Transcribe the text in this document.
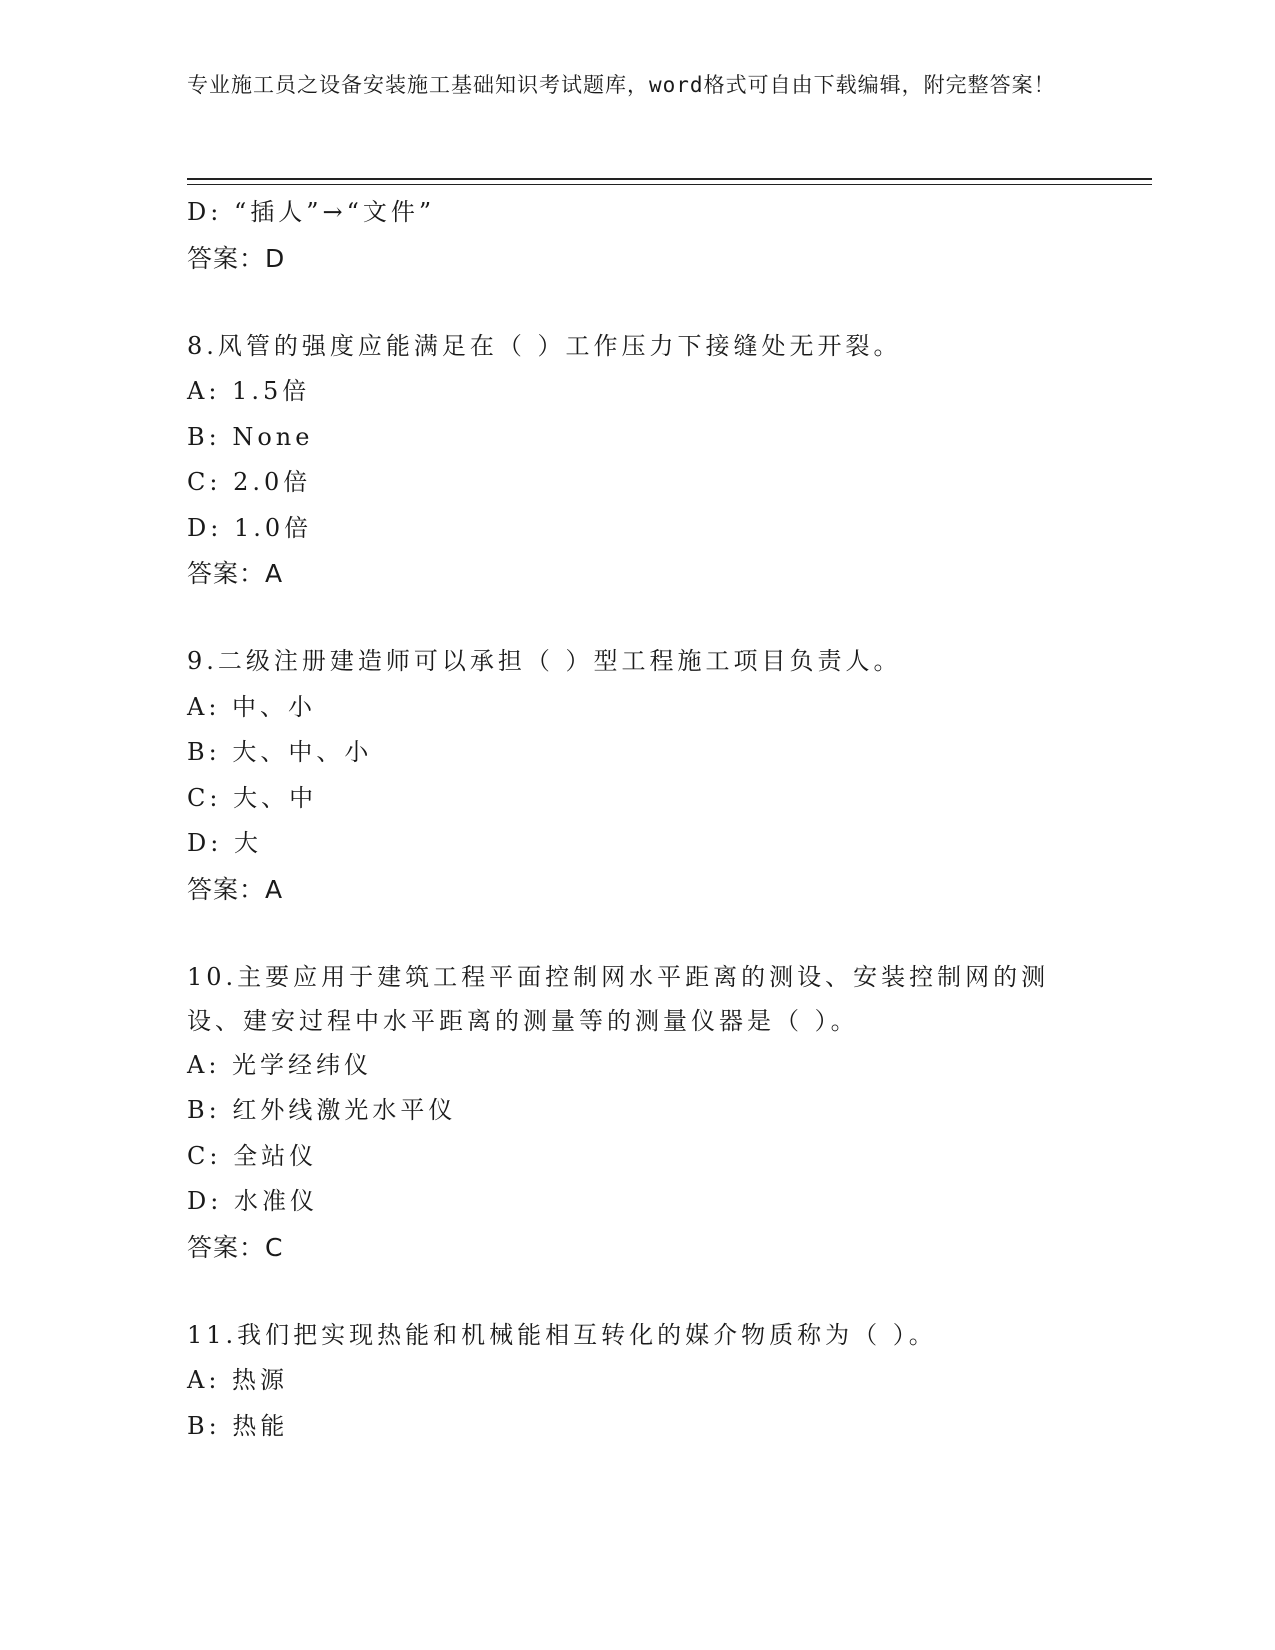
专业施工员之设备安装施工基础知识考试题库，word格式可自由下载编辑，附完整答案！
D: “插人”→“文件”
答案：D
8.风管的强度应能满足在（ ）工作压力下接缝处无开裂。
A: 1.5倍
B: None
C: 2.0倍
D: 1.0倍
答案：A
9.二级注册建造师可以承担（ ）型工程施工项目负责人。
A: 中、小
B: 大、中、小
C: 大、中
D: 大
答案：A
10.主要应用于建筑工程平面控制网水平距离的测设、安装控制网的测设、建安过程中水平距离的测量等的测量仪器是（ ）。
A: 光学经纬仪
B: 红外线激光水平仪
C: 全站仪
D: 水准仪
答案：C
11.我们把实现热能和机械能相互转化的媒介物质称为（ ）。
A: 热源
B: 热能
